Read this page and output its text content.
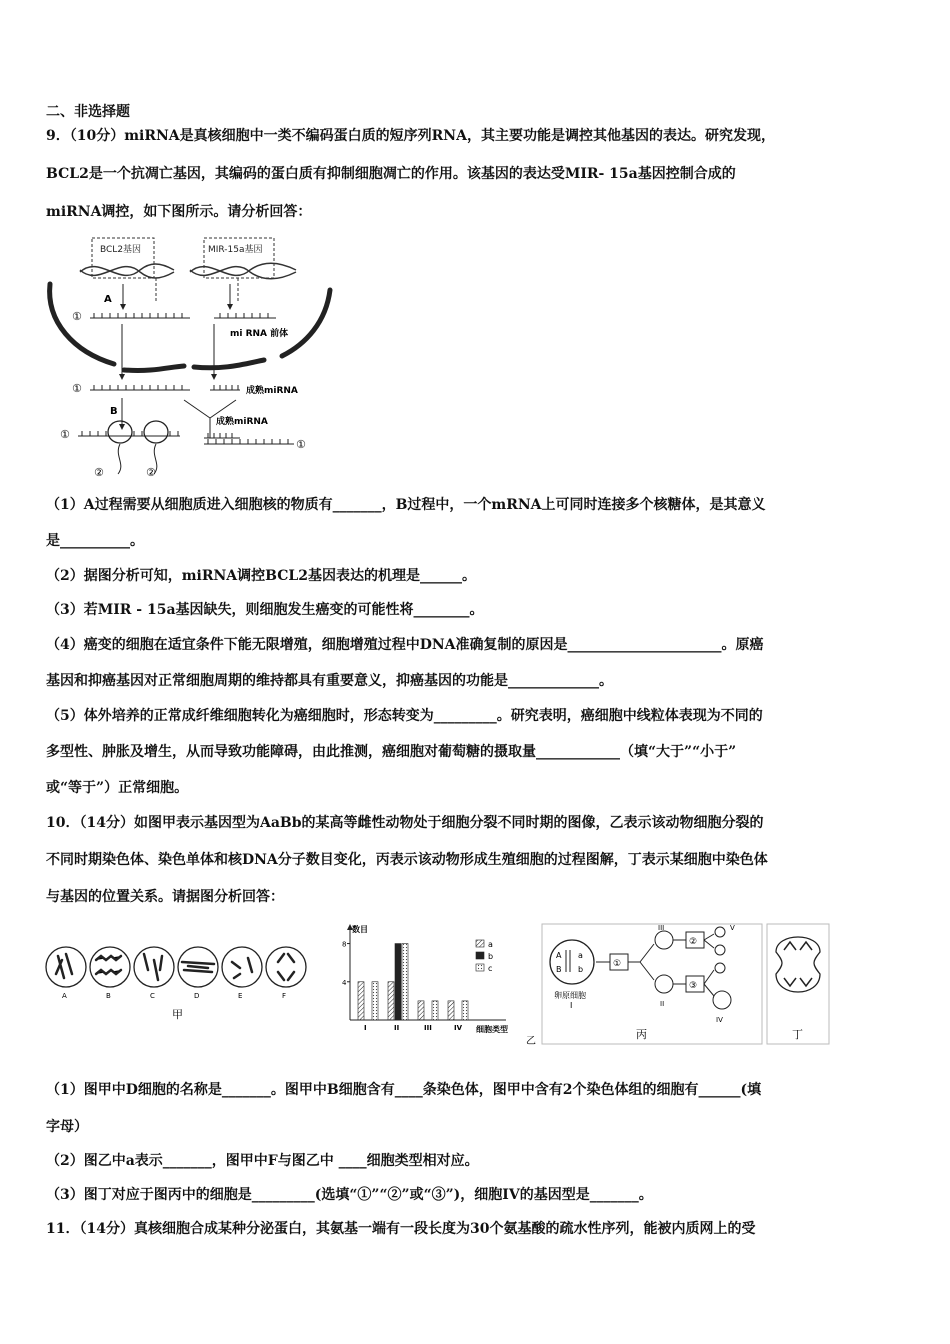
二、非选择题
9．（10分）miRNA是真核细胞中一类不编码蛋白质的短序列RNA，其主要功能是调控其他基因的表达。研究发现，
BCL2是一个抗凋亡基因，其编码的蛋白质有抑制细胞凋亡的作用。该基因的表达受MIR- 15a基因控制合成的
miRNA调控，如下图所示。请分析回答：
BCL2基因	MIR-15a基因
A
①
mi RNA 前体
①	成熟miRNA
B
成熟miRNA
①
②	②
①
（1）A过程需要从细胞质进入细胞核的物质有_______，B过程中，一个mRNA上可同时连接多个核糖体，是其意义
是__________。
（2）据图分析可知，miRNA调控BCL2基因表达的机理是______。
（3）若MIR - 15a基因缺失，则细胞发生癌变的可能性将________。
（4）癌变的细胞在适宜条件下能无限增殖，细胞增殖过程中DNA准确复制的原因是______________________。原癌
基因和抑癌基因对正常细胞周期的维持都具有重要意义，抑癌基因的功能是_____________。
（5）体外培养的正常成纤维细胞转化为癌细胞时，形态转变为_________。研究表明，癌细胞中线粒体表现为不同的
多型性、肿胀及增生，从而导致功能障碍，由此推测，癌细胞对葡萄糖的摄取量____________（填“大于”“小于”
或“等于”）正常细胞。
10．（14分）如图甲表示基因型为AaBb的某高等雌性动物处于细胞分裂不同时期的图像，乙表示该动物细胞分裂的
不同时期染色体、染色单体和核DNA分子数目变化，丙表示该动物形成生殖细胞的过程图解，丁表示某细胞中染色体
与基因的位置关系。请据图分析回答：
A	B	C	D	E	F
甲
数目
细胞类型
乙
4
8
I	II	III	IV
a
b
c
A a
B b
卵原细胞
I
①
III
II
②
③
V
IV
丙	丁
（1）图甲中D细胞的名称是_______。图甲中B细胞含有____条染色体，图甲中含有2个染色体组的细胞有______(填
字母）
（2）图乙中a表示_______，图甲中F与图乙中 ____细胞类型相对应。
（3）图丁对应于图丙中的细胞是_________(选填“①”“②”或“③”)，细胞IV的基因型是_______。
11．（14分）真核细胞合成某种分泌蛋白，其氨基一端有一段长度为30个氨基酸的疏水性序列，能被内质网上的受
